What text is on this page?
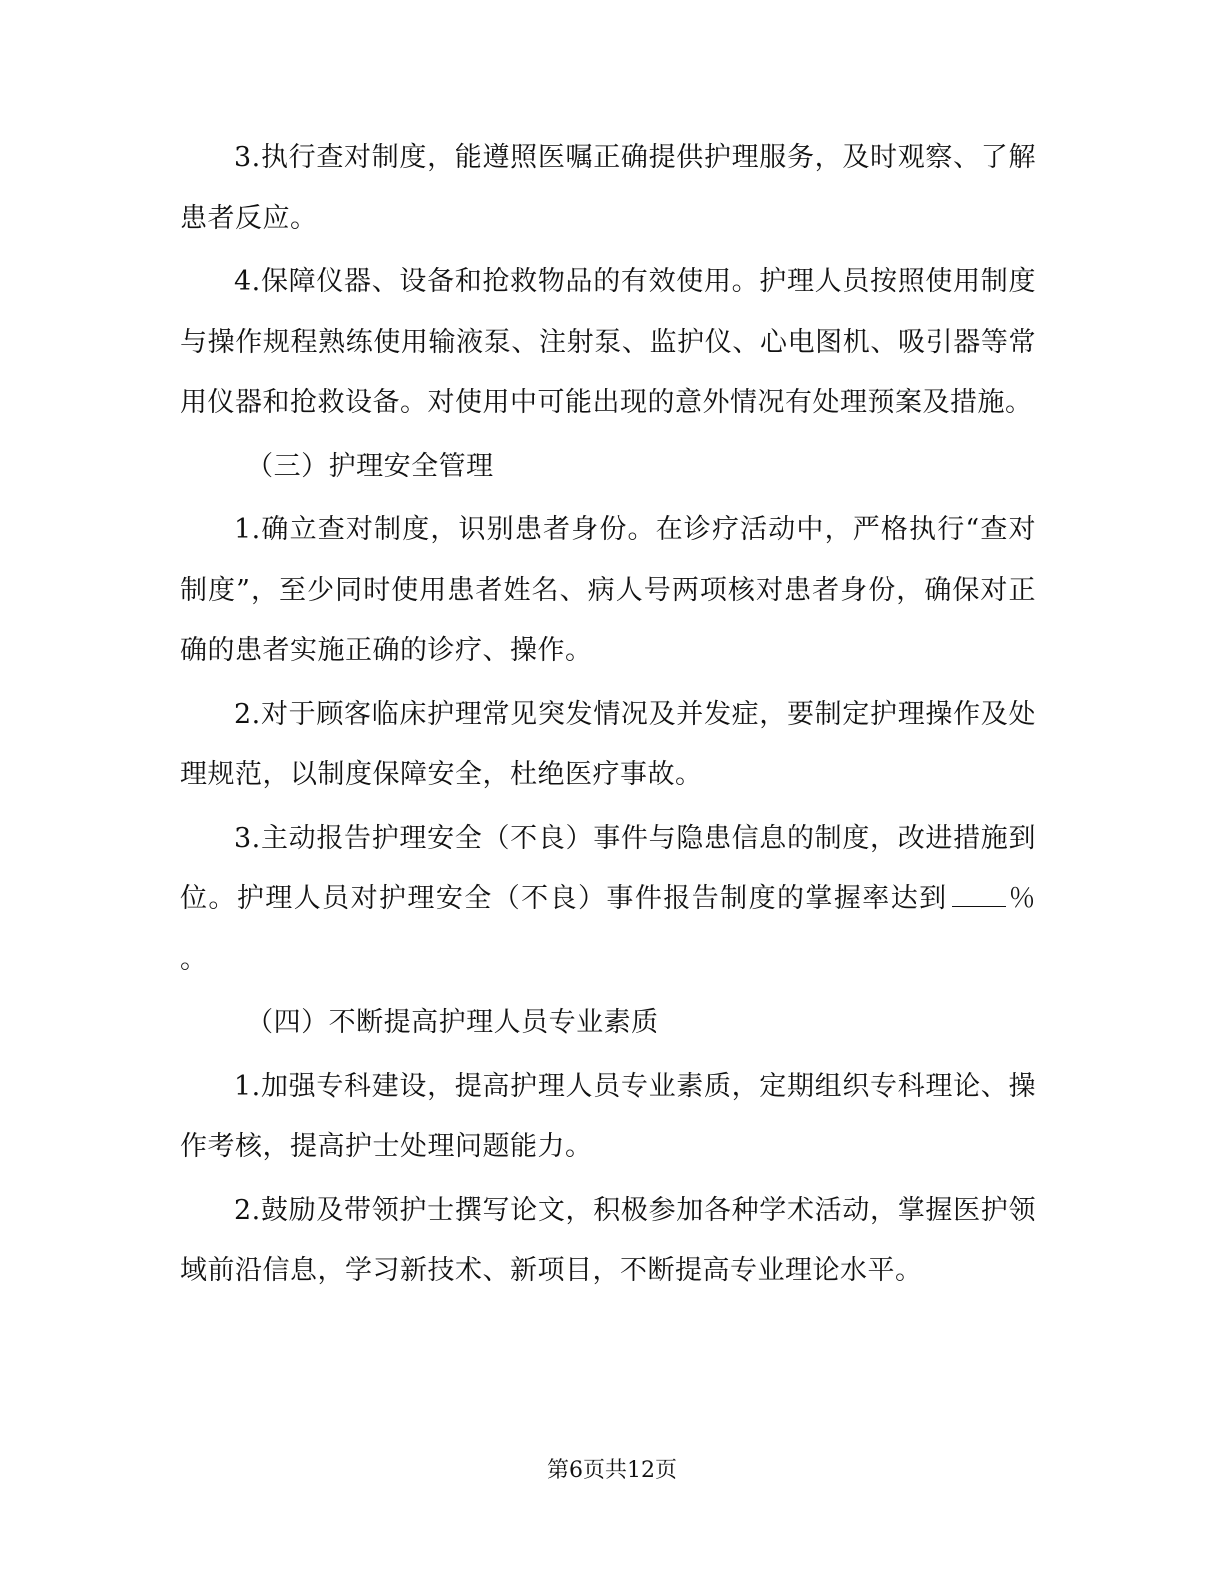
3.执行查对制度，能遵照医嘱正确提供护理服务，及时观察、了解患者反应。

4.保障仪器、设备和抢救物品的有效使用。护理人员按照使用制度与操作规程熟练使用输液泵、注射泵、监护仪、心电图机、吸引器等常用仪器和抢救设备。对使用中可能出现的意外情况有处理预案及措施。

（三）护理安全管理

1.确立查对制度，识别患者身份。在诊疗活动中，严格执行“查对制度”，至少同时使用患者姓名、病人号两项核对患者身份，确保对正确的患者实施正确的诊疗、操作。

2.对于顾客临床护理常见突发情况及并发症，要制定护理操作及处理规范，以制度保障安全，杜绝医疗事故。

3.主动报告护理安全（不良）事件与隐患信息的制度，改进措施到位。护理人员对护理安全（不良）事件报告制度的掌握率达到 ％ 。

（四）不断提高护理人员专业素质

1.加强专科建设，提高护理人员专业素质，定期组织专科理论、操作考核，提高护士处理问题能力。

2.鼓励及带领护士撰写论文，积极参加各种学术活动，掌握医护领域前沿信息，学习新技术、新项目，不断提高专业理论水平。

第6页共12页
